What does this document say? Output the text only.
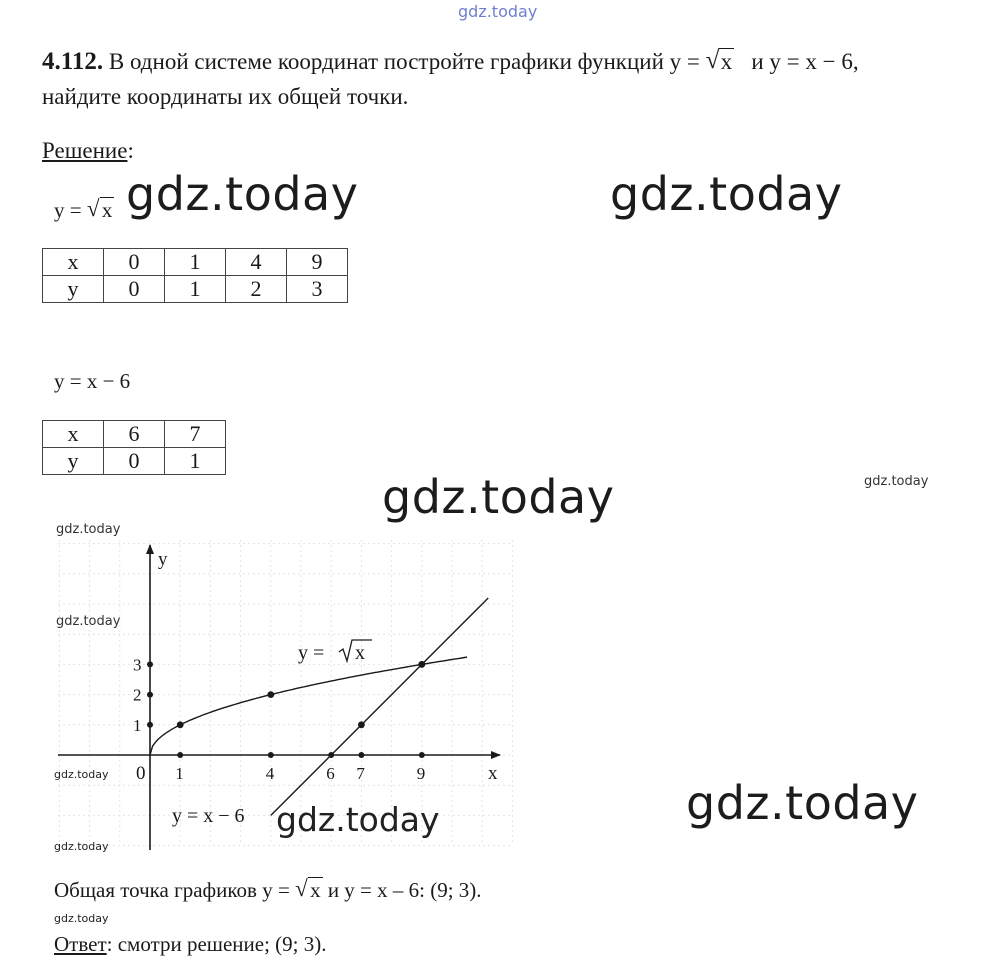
gdz.today
4.112. В одной системе координат постройте графики функций y = √ x и y = x − 6,
найдите координаты их общей точки.
Решение:
y = √ x gdz.today	gdz.today
x	0	1	4	9
y	0	1	2	3
y = x − 6
x	6	7
y	0	1
gdz.today	gdz.today
x
y
0 1	4	6 7	9
1
2
3
y = x
y = x − 6
gdz.today
gdz.today
gdz.today
gdz.today
gdz.today
gdz.today
Общая точка графиков y = √ x и y = x – 6: (9; 3).
gdz.today
Ответ: смотри решение; (9; 3).
